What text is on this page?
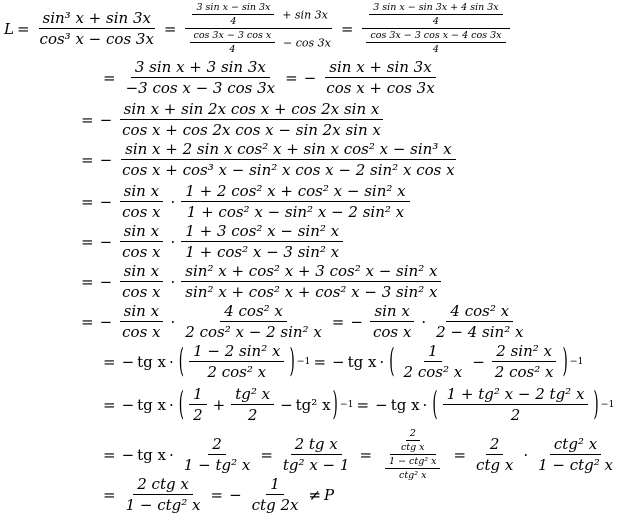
$L = \frac{\text{sin³ x + sin 3x}}{\text{cos³ x − cos 3x}} = \frac{\frac{\text{3 sin x − sin 3x}}{4} + \sin 3x}{\frac{\text{cos 3x − 3 cos x}}{4} - \cos 3x} = \frac{\frac{\text{3 sin x − sin 3x + 4 sin 3x}}{4}}{\frac{\text{cos 3x − 3 cos x − 4 cos 3x}}{4}}$
= $\frac{\text{3 sin x + 3 sin 3x}}{\text{−3 cos x − 3 cos 3x}}$ = − $\frac{\text{sin x + sin 3x}}{\text{cos x + cos 3x}}$
= − $\frac{\text{sin x + sin 2x cos x + cos 2x sin x}}{\text{cos x + cos 2x cos x − sin 2x sin x}}$
= − $\frac{\text{sin x + 2 sin x cos² x + sin x cos² x − sin³ x}}{\text{cos x + cos³ x − sin² x cos x − 2 sin² x cos x}}$
= − $\frac{\text{sin x}}{\text{cos x}} \cdot \frac{\text{1 + 2 cos² x + cos² x − sin² x}}{\text{1 + cos² x − sin² x − 2 sin² x}}$
= − $\frac{\text{sin x}}{\text{cos x}} \cdot \frac{\text{1 + 3 cos² x − sin² x}}{\text{1 + cos² x − 3 sin² x}}$
= − $\frac{\text{sin x}}{\text{cos x}} \cdot \frac{\text{sin² x + cos² x + 3 cos² x − sin² x}}{\text{sin² x + cos² x + cos² x − 3 sin² x}}$
= − $\frac{\text{sin x}}{\text{cos x}} \cdot \frac{\text{4 cos² x}}{\text{2 cos² x − 2 sin² x}}$ = − $\frac{\text{sin x}}{\text{cos x}} \cdot \frac{\text{4 cos² x}}{\text{2 − 4 sin² x}}$
= − tg x · ( $\frac{\text{1 − 2 sin² x}}{\text{2 cos² x}}$ ) −1 = − tg x · ( $\frac{1}{\text{2 cos² x}} - \frac{\text{2 sin² x}}{\text{2 cos² x}}$ ) −1
= − tg x · ( $\frac{1}{2} + \frac{\text{tg² x}}{2} - tg^2$ x ) −1 = − tg x · ( $\frac{\text{1 + tg² x − 2 tg² x}}{2}$ ) −1
= − tg $x \cdot \frac{2}{\text{1 − tg² x}} = \frac{\text{2 tg x}}{\text{tg² x − 1}} = \frac{\frac{2}{\text{ctg x}}}{\frac{\text{1 − ctg² x}}{\text{ctg² x}}} = \frac{2}{\text{ctg x}} \cdot \frac{\text{ctg² x}}{\text{1 − ctg² x}}$
= $\frac{\text{2 ctg x}}{\text{1 − ctg² x}}$ = − $\frac{1}{\text{ctg 2x}} \ne P$
